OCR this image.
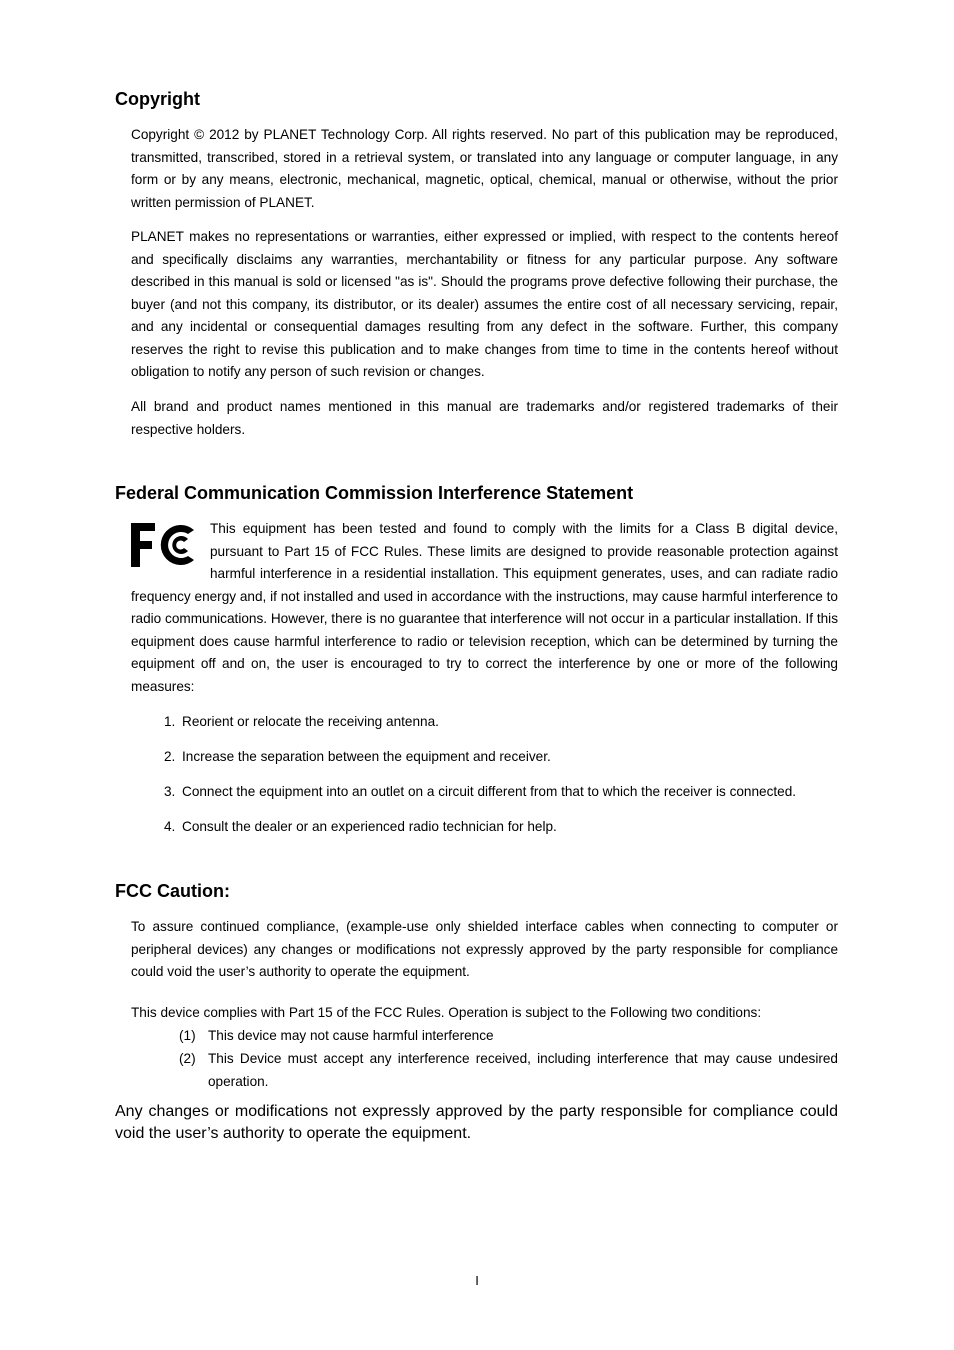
Copyright

Copyright © 2012 by PLANET Technology Corp. All rights reserved. No part of this publication may be reproduced, transmitted, transcribed, stored in a retrieval system, or translated into any language or computer language, in any form or by any means, electronic, mechanical, magnetic, optical, chemical, manual or otherwise, without the prior written permission of PLANET.

PLANET makes no representations or warranties, either expressed or implied, with respect to the contents hereof and specifically disclaims any warranties, merchantability or fitness for any particular purpose. Any software described in this manual is sold or licensed "as is". Should the programs prove defective following their purchase, the buyer (and not this company, its distributor, or its dealer) assumes the entire cost of all necessary servicing, repair, and any incidental or consequential damages resulting from any defect in the software. Further, this company reserves the right to revise this publication and to make changes from time to time in the contents hereof without obligation to notify any person of such revision or changes.

All brand and product names mentioned in this manual are trademarks and/or registered trademarks of their respective holders.

Federal Communication Commission Interference Statement

This equipment has been tested and found to comply with the limits for a Class B digital device, pursuant to Part 15 of FCC Rules. These limits are designed to provide reasonable protection against harmful interference in a residential installation. This equipment generates, uses, and can radiate radio frequency energy and, if not installed and used in accordance with the instructions, may cause harmful interference to radio communications. However, there is no guarantee that interference will not occur in a particular installation. If this equipment does cause harmful interference to radio or television reception, which can be determined by turning the equipment off and on, the user is encouraged to try to correct the interference by one or more of the following measures:

1. Reorient or relocate the receiving antenna.
2. Increase the separation between the equipment and receiver.
3. Connect the equipment into an outlet on a circuit different from that to which the receiver is connected.
4. Consult the dealer or an experienced radio technician for help.
FCC Caution:

To assure continued compliance, (example-use only shielded interface cables when connecting to computer or peripheral devices) any changes or modifications not expressly approved by the party responsible for compliance could void the user’s authority to operate the equipment.

This device complies with Part 15 of the FCC Rules. Operation is subject to the Following two conditions:

(1) This device may not cause harmful interference
(2) This Device must accept any interference received, including interference that may cause undesired operation.

Any changes or modifications not expressly approved by the party responsible for compliance could void the user’s authority to operate the equipment.

I
